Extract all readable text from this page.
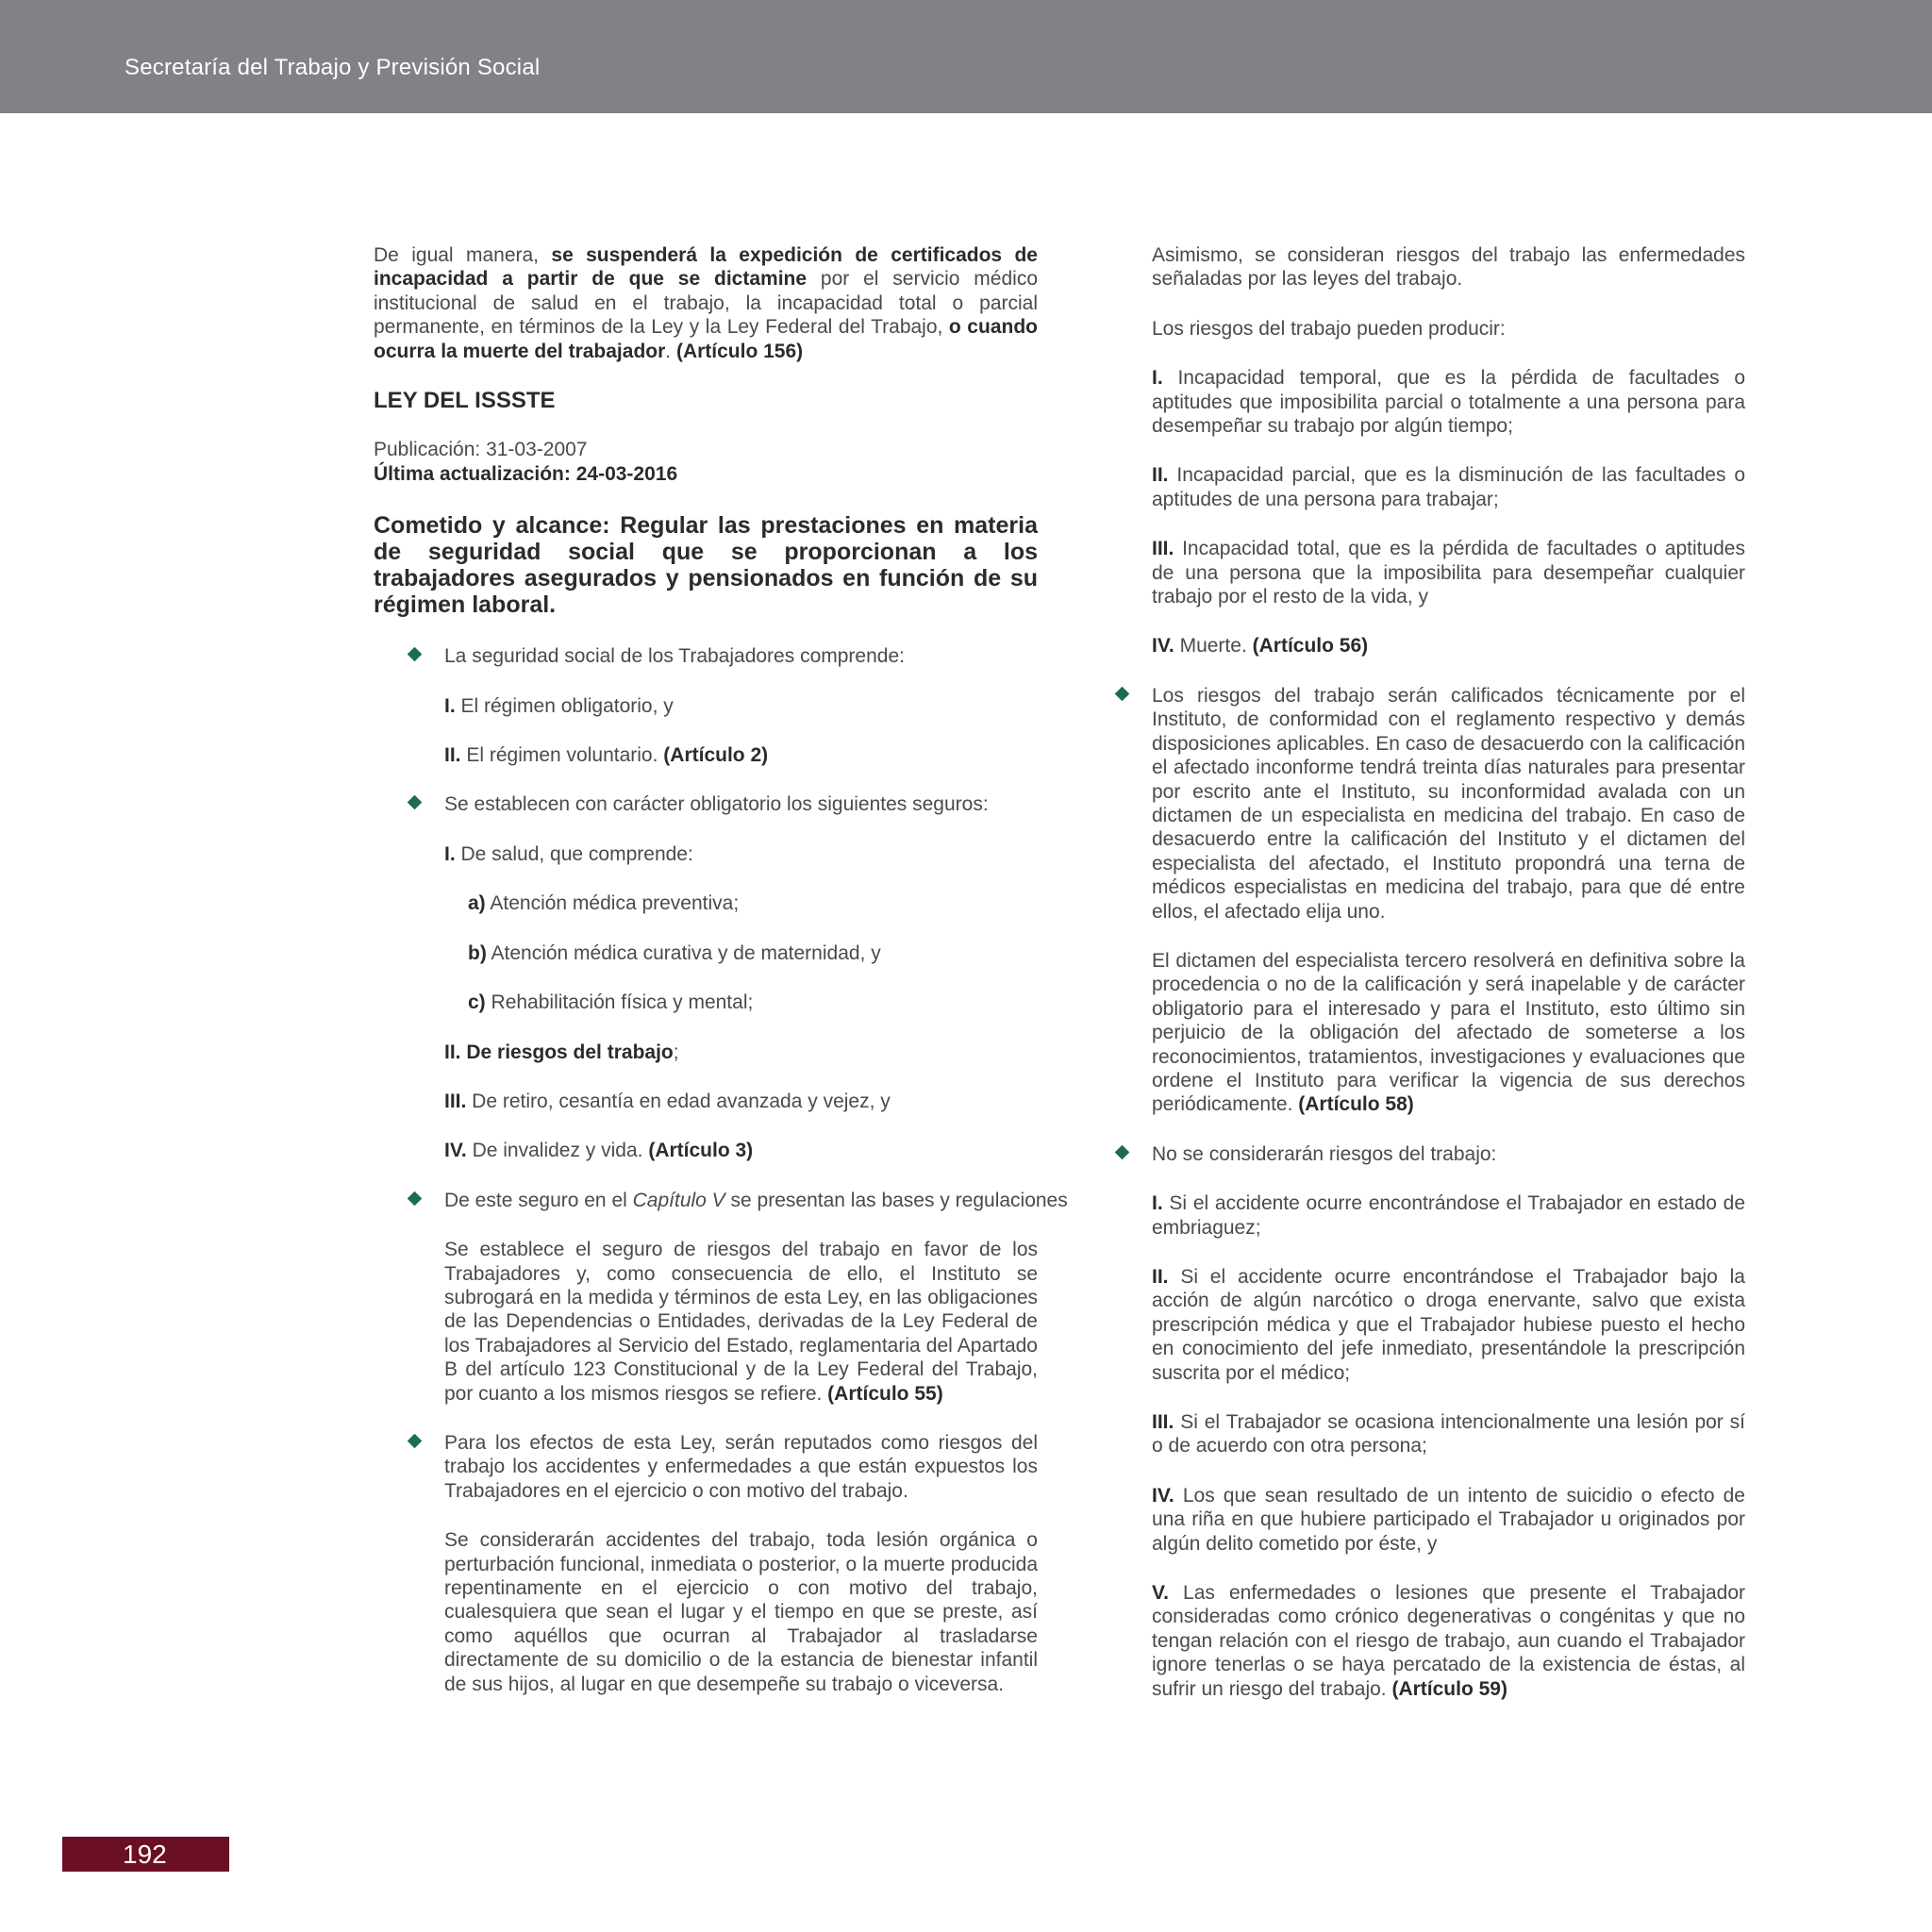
Secretaría del Trabajo y Previsión Social

De igual manera, se suspenderá la expedición de certificados de incapacidad a partir de que se dictamine por el servicio médico institucional de salud en el trabajo, la incapacidad total o parcial permanente, en términos de la Ley y la Ley Federal del Trabajo, o cuando ocurra la muerte del trabajador. (Artículo 156)

LEY DEL ISSSTE

Publicación: 31-03-2007

Última actualización: 24-03-2016

Cometido y alcance: Regular las prestaciones en materia de seguridad social que se proporcionan a los trabajadores asegurados y pensionados en función de su régimen laboral.

La seguridad social de los Trabajadores comprende:

I. El régimen obligatorio, y

II. El régimen voluntario. (Artículo 2)

Se establecen con carácter obligatorio los siguientes seguros:

I. De salud, que comprende:

a) Atención médica preventiva;

b) Atención médica curativa y de maternidad, y

c) Rehabilitación física y mental;

II. De riesgos del trabajo;

III. De retiro, cesantía en edad avanzada y vejez, y

IV. De invalidez y vida. (Artículo 3)

De este seguro en el Capítulo V se presentan las bases y regulaciones

Se establece el seguro de riesgos del trabajo en favor de los Trabajadores y, como consecuencia de ello, el Instituto se subrogará en la medida y términos de esta Ley, en las obligaciones de las Dependencias o Entidades, derivadas de la Ley Federal de los Trabajadores al Servicio del Estado, reglamentaria del Apartado B del artículo 123 Constitucional y de la Ley Federal del Trabajo, por cuanto a los mismos riesgos se refiere. (Artículo 55)

Para los efectos de esta Ley, serán reputados como riesgos del trabajo los accidentes y enfermedades a que están expuestos los Trabajadores en el ejercicio o con motivo del trabajo.

Se considerarán accidentes del trabajo, toda lesión orgánica o perturbación funcional, inmediata o posterior, o la muerte producida repentinamente en el ejercicio o con motivo del trabajo, cualesquiera que sean el lugar y el tiempo en que se preste, así como aquéllos que ocurran al Trabajador al trasladarse directamente de su domicilio o de la estancia de bienestar infantil de sus hijos, al lugar en que desempeñe su trabajo o viceversa.

Asimismo, se consideran riesgos del trabajo las enfermedades señaladas por las leyes del trabajo.

Los riesgos del trabajo pueden producir:

I. Incapacidad temporal, que es la pérdida de facultades o aptitudes que imposibilita parcial o totalmente a una persona para desempeñar su trabajo por algún tiempo;

II. Incapacidad parcial, que es la disminución de las facultades o aptitudes de una persona para trabajar;

III. Incapacidad total, que es la pérdida de facultades o aptitudes de una persona que la imposibilita para desempeñar cualquier trabajo por el resto de la vida, y

IV. Muerte. (Artículo 56)

Los riesgos del trabajo serán calificados técnicamente por el Instituto, de conformidad con el reglamento respectivo y demás disposiciones aplicables. En caso de desacuerdo con la calificación el afectado inconforme tendrá treinta días naturales para presentar por escrito ante el Instituto, su inconformidad avalada con un dictamen de un especialista en medicina del trabajo. En caso de desacuerdo entre la calificación del Instituto y el dictamen del especialista del afectado, el Instituto propondrá una terna de médicos especialistas en medicina del trabajo, para que dé entre ellos, el afectado elija uno.

El dictamen del especialista tercero resolverá en definitiva sobre la procedencia o no de la calificación y será inapelable y de carácter obligatorio para el interesado y para el Instituto, esto último sin perjuicio de la obligación del afectado de someterse a los reconocimientos, tratamientos, investigaciones y evaluaciones que ordene el Instituto para verificar la vigencia de sus derechos periódicamente. (Artículo 58)

No se considerarán riesgos del trabajo:

I. Si el accidente ocurre encontrándose el Trabajador en estado de embriaguez;

II. Si el accidente ocurre encontrándose el Trabajador bajo la acción de algún narcótico o droga enervante, salvo que exista prescripción médica y que el Trabajador hubiese puesto el hecho en conocimiento del jefe inmediato, presentándole la prescripción suscrita por el médico;

III. Si el Trabajador se ocasiona intencionalmente una lesión por sí o de acuerdo con otra persona;

IV. Los que sean resultado de un intento de suicidio o efecto de una riña en que hubiere participado el Trabajador u originados por algún delito cometido por éste, y

V. Las enfermedades o lesiones que presente el Trabajador consideradas como crónico degenerativas o congénitas y que no tengan relación con el riesgo de trabajo, aun cuando el Trabajador ignore tenerlas o se haya percatado de la existencia de éstas, al sufrir un riesgo del trabajo. (Artículo 59)

192
